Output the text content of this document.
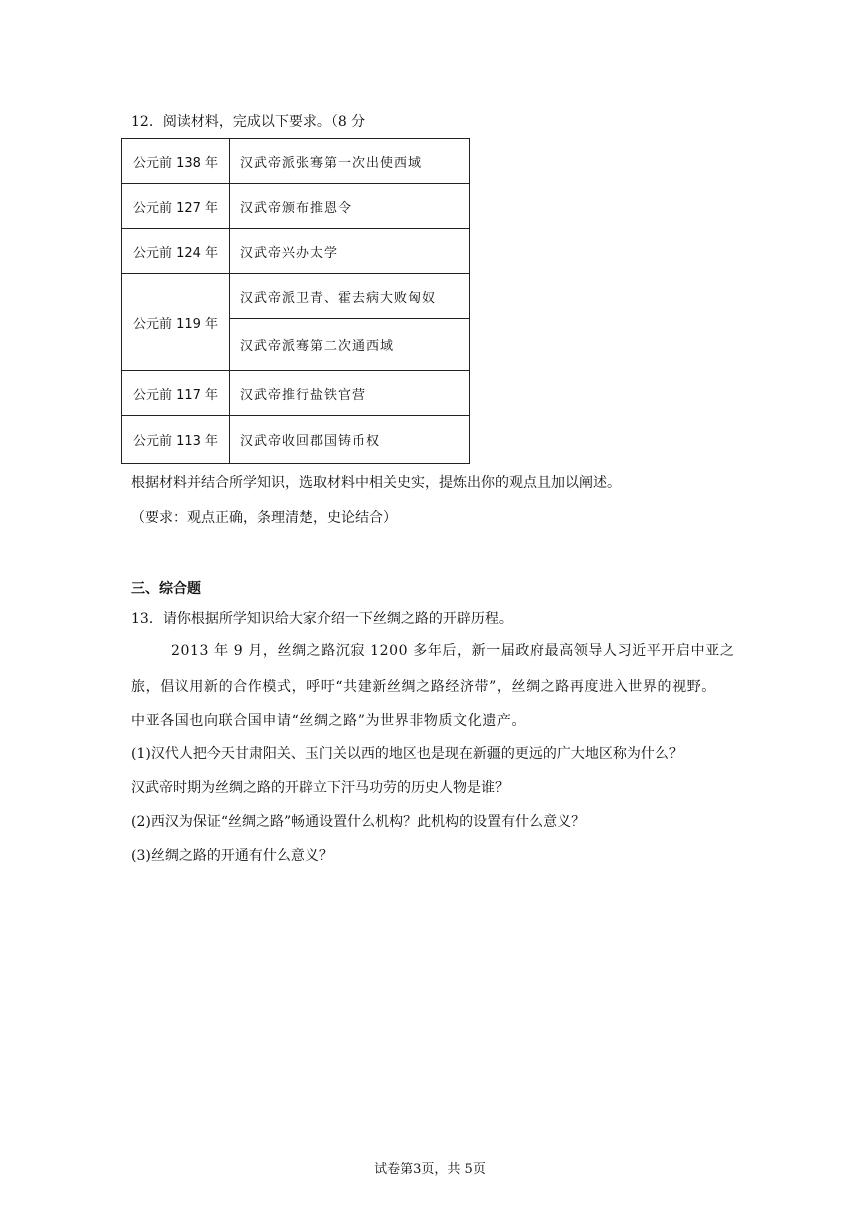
12．阅读材料，完成以下要求。（8 分
公元前 138 年	汉武帝派张骞第一次出使西域
公元前 127 年	汉武帝颁布推恩令
公元前 124 年	汉武帝兴办太学
公元前 119 年	汉武帝派卫青、霍去病大败匈奴
	汉武帝派骞第二次通西域
公元前 117 年	汉武帝推行盐铁官营
公元前 113 年	汉武帝收回郡国铸币权
根据材料并结合所学知识，选取材料中相关史实，提炼出你的观点且加以阐述。
（要求：观点正确，条理清楚，史论结合）
三、综合题
13．请你根据所学知识给大家介绍一下丝绸之路的开辟历程。
2013 年 9 月，丝绸之路沉寂 1200 多年后，新一届政府最高领导人习近平开启中亚之
旅，倡议用新的合作模式，呼吁“共建新丝绸之路经济带”，丝绸之路再度进入世界的视野。
中亚各国也向联合国申请“丝绸之路”为世界非物质文化遗产。
(1)汉代人把今天甘肃阳关、玉门关以西的地区也是现在新疆的更远的广大地区称为什么？
汉武帝时期为丝绸之路的开辟立下汗马功劳的历史人物是谁？
(2)西汉为保证“丝绸之路”畅通设置什么机构？此机构的设置有什么意义？
(3)丝绸之路的开通有什么意义？
试卷第3页，共 5页
